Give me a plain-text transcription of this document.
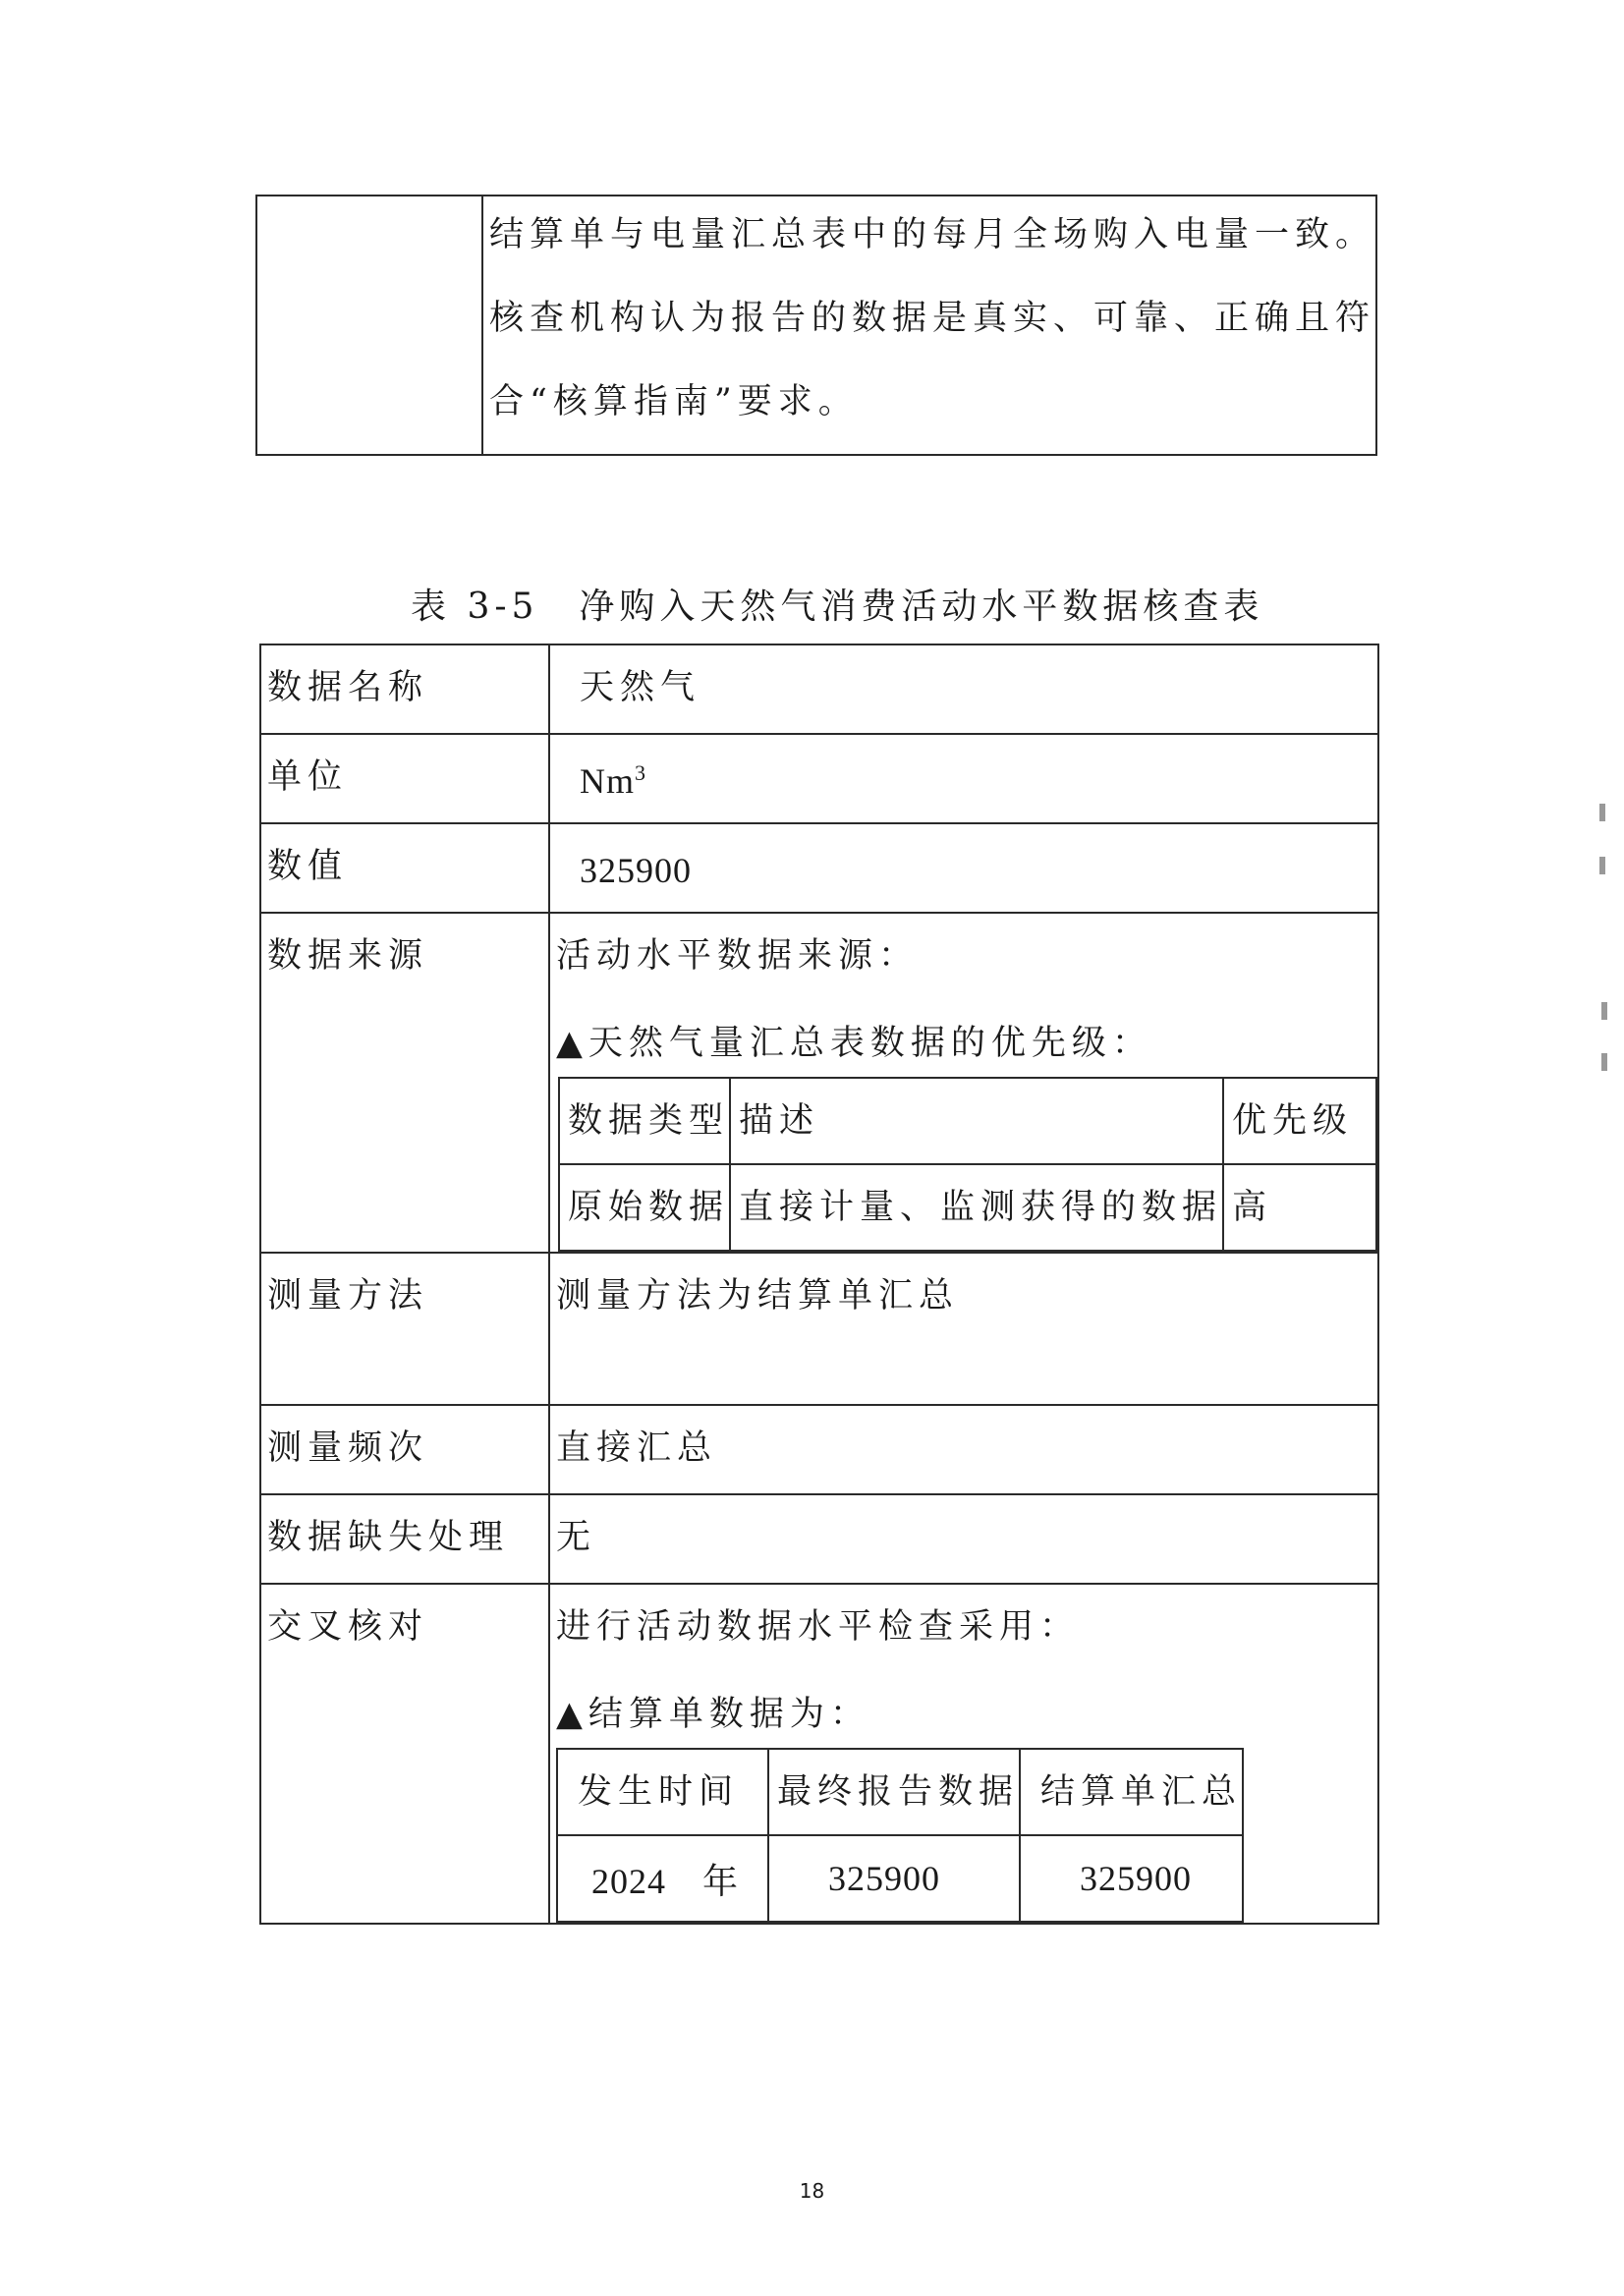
结算单与电量汇总表中的每月全场购入电量一致。

核查机构认为报告的数据是真实、可靠、正确且符

合“核算指南”要求。

表 3-5　净购入天然气消费活动水平数据核查表
数据名称	天然气
单位	Nm$^3$
数值	325900
数据来源	活动水平数据来源：

▲天然气量汇总表数据的优先级：

数据类型	描述	优先级
原始数据	直接计量、监测获得的数据	高

测量方法	测量方法为结算单汇总
测量频次	直接汇总
数据缺失处理	无
交叉核对	进行活动数据水平检查采用：

▲结算单数据为：

发生时间	最终报告数据	结算单汇总
2024　年	325900	325900
18
